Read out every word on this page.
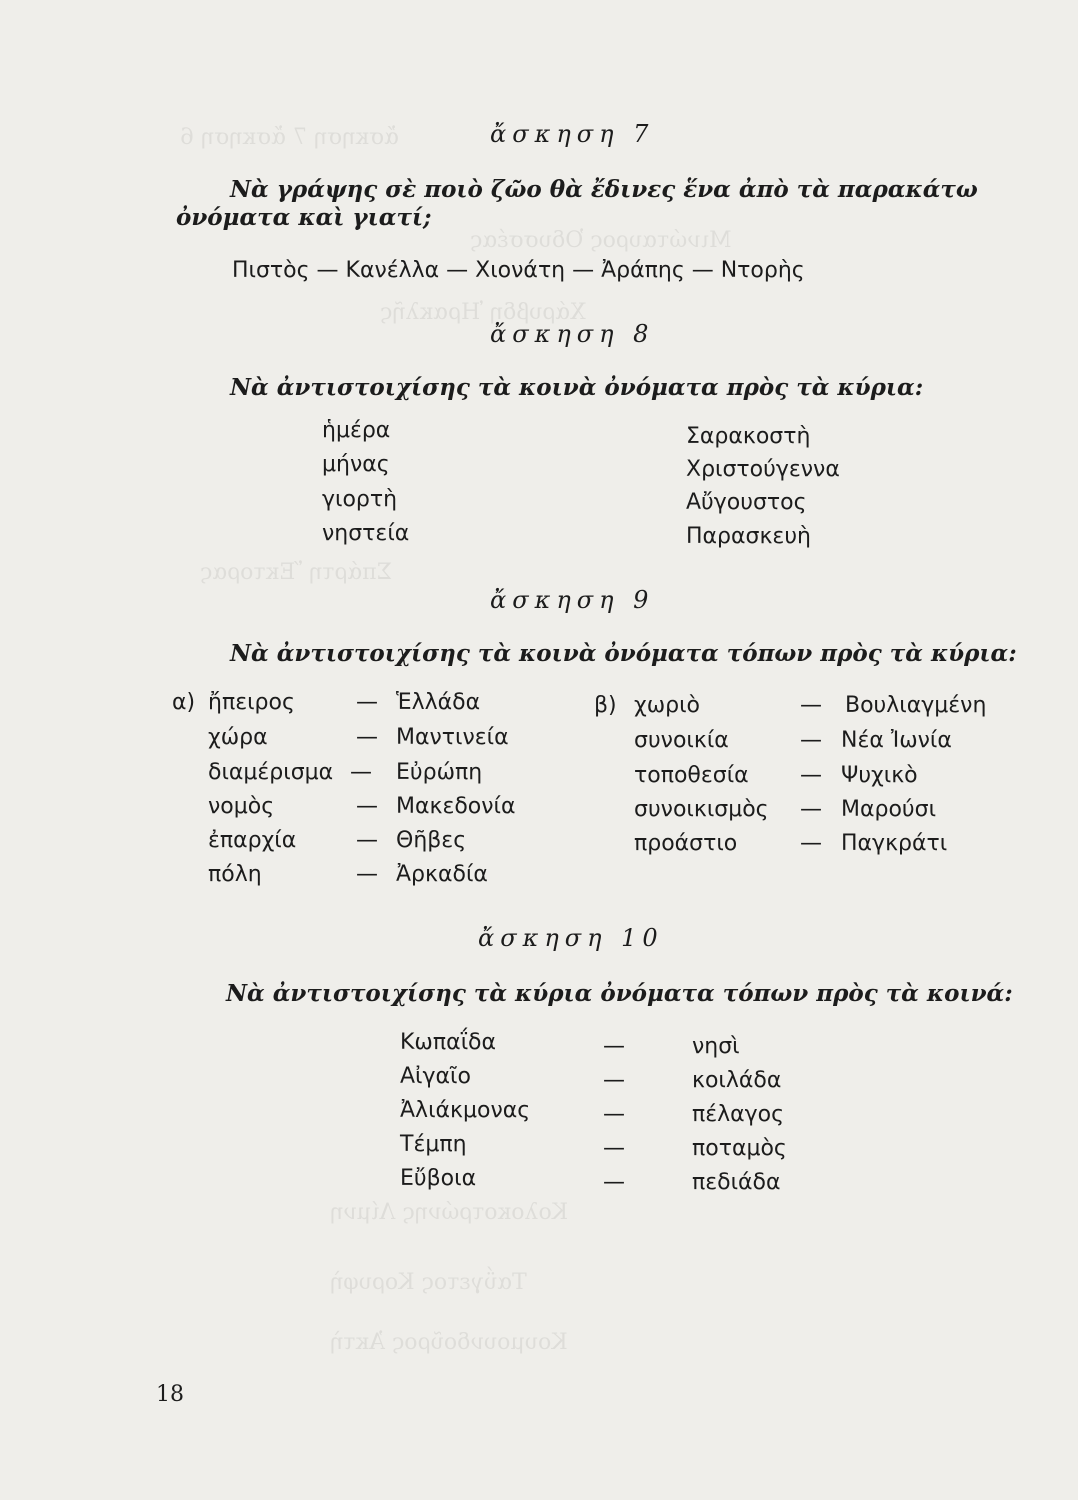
ἄσκηση 7 ἄσκηση 6
Μινώταυρος Ὀδυσσέας
Χάρυβδη Ἡρακλῆς
Σπάρτη Ἕκτορας
Κολοκοτρώνης Λίμνη
Ταΰγετος Κορυφὴ
Κουμουνδοῦρος Ἀκτὴ
ἄσκηση 7
Νὰ γράψης σὲ ποιὸ ζῶο θὰ ἔδινες ἕνα ἀπὸ τὰ παρακάτω
ὀνόματα καὶ γιατί;
Πιστὸς — Κανέλλα — Χιονάτη — Ἀράπης — Ντορὴς
ἄσκηση 8
Νὰ ἀντιστοιχίσης τὰ κοινὰ ὀνόματα πρὸς τὰ κύρια:
ἡμέρα
μήνας
γιορτὴ
νηστεία
Σαρακοστὴ
Χριστούγεννα
Αὔγουστος
Παρασκευὴ
ἄσκηση 9
Νὰ ἀντιστοιχίσης τὰ κοινὰ ὀνόματα τόπων πρὸς τὰ κύρια:
α)	β)
ἤπειρος
χώρα
διαμέρισμα
νομὸς
ἐπαρχία
πόλη
—
—
—
—
—
—
Ἑλλάδα
Μαντινεία
Εὐρώπη
Μακεδονία
Θῆβες
Ἀρκαδία
χωριὸ
συνοικία
τοποθεσία
συνοικισμὸς
προάστιο
—
—
—
—
—
Βουλιαγμένη
Νέα Ἰωνία
Ψυχικὸ
Μαρούσι
Παγκράτι
ἄσκηση 10
Νὰ ἀντιστοιχίσης τὰ κύρια ὀνόματα τόπων πρὸς τὰ κοινά:
Κωπαΐδα
Αἰγαῖο
Ἀλιάκμονας
Τέμπη
Εὔβοια
—
—
—
—
—
νησὶ
κοιλάδα
πέλαγος
ποταμὸς
πεδιάδα
18
